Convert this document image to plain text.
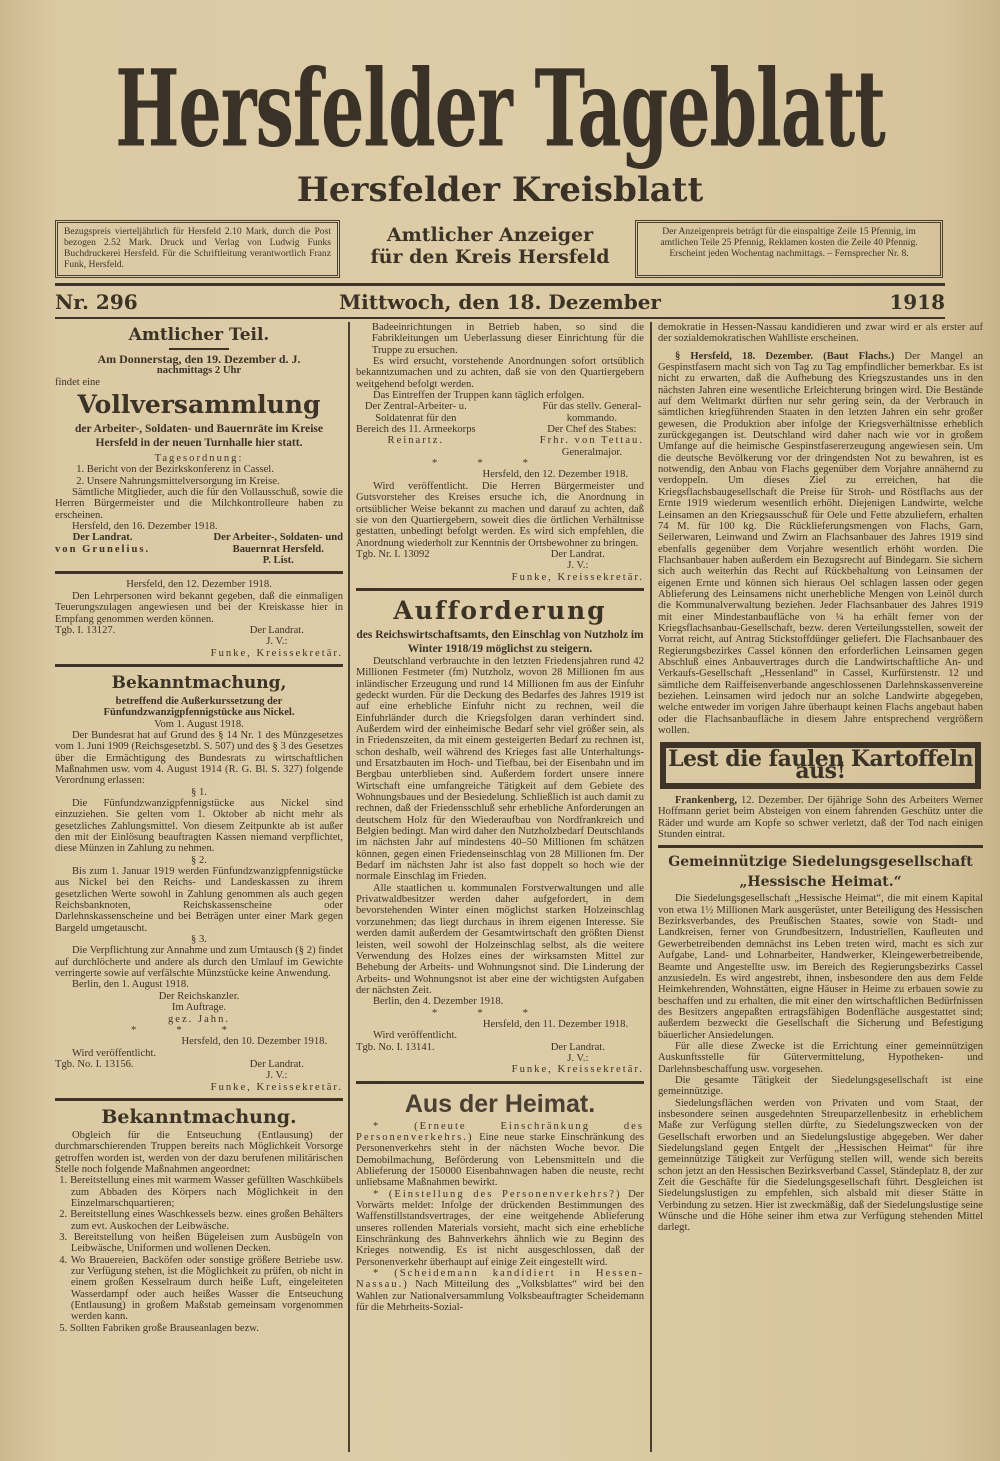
Hersfelder Tageblatt
Hersfelder Kreisblatt
Bezugspreis vierteljährlich für Hersfeld 2.10 Mark, durch die Post bezogen 2.52 Mark. Druck und Verlag von Ludwig Funks Buchdruckerei Hersfeld. Für die Schriftleitung verantwortlich Franz Funk, Hersfeld.
Amtlicher Anzeiger
für den Kreis Hersfeld
Der Anzeigenpreis beträgt für die einspaltige Zeile 15 Pfennig, im amtlichen Teile 25 Pfennig, Reklamen kosten die Zeile 40 Pfennig. Erscheint jeden Wochentag nachmittags. – Fernsprecher Nr. 8.
Nr. 296	Mittwoch, den 18. Dezember	1918
Amtlicher Teil.

Am Donnerstag, den 19. Dezember d. J.

nachmittags 2 Uhr

findet eine

Vollversammlung

der Arbeiter-, Soldaten- und Bauernräte im Kreise Hersfeld in der neuen Turnhalle hier statt.

Tagesordnung:

1. Bericht von der Bezirkskonferenz in Cassel.

2. Unsere Nahrungsmittelversorgung im Kreise.

Sämtliche Mitglieder, auch die für den Vollausschuß, sowie die Herren Bürgermeister und die Milchkontrolleure haben zu erscheinen.

Hersfeld, den 16. Dezember 1918.

Der Landrat.
von Grunelius.
Der Arbeiter-, Soldaten- und
Bauernrat Hersfeld.
P. List.

Hersfeld, den 12. Dezember 1918.

Den Lehrpersonen wird bekannt gegeben, daß die einmaligen Teuerungszulagen angewiesen und bei der Kreiskasse hier in Empfang genommen werden können.

Tgb. I. 13127.	Der Landrat.
J. V.:
Funke, Kreissekretär.
Bekanntmachung,

betreffend die Außerkurssetzung der Fünfundzwanzigpfennigstücke aus Nickel.

Vom 1. August 1918.

Der Bundesrat hat auf Grund des § 14 Nr. 1 des Münzgesetzes vom 1. Juni 1909 (Reichsgesetzbl. S. 507) und des § 3 des Gesetzes über die Ermächtigung des Bundesrats zu wirtschaftlichen Maßnahmen usw. vom 4. August 1914 (R. G. Bl. S. 327) folgende Verordnung erlassen:

§ 1.

Die Fünfundzwanzigpfennigstücke aus Nickel sind einzuziehen. Sie gelten vom 1. Oktober ab nicht mehr als gesetzliches Zahlungsmittel. Von diesem Zeitpunkte ab ist außer den mit der Einlösung beauftragten Kassen niemand verpflichtet, diese Münzen in Zahlung zu nehmen.

§ 2.

Bis zum 1. Januar 1919 werden Fünfundzwanzigpfennigstücke aus Nickel bei den Reichs- und Landeskassen zu ihrem gesetzlichen Werte sowohl in Zahlung genommen als auch gegen Reichsbanknoten, Reichskassenscheine oder Darlehnskassenscheine und bei Beträgen unter einer Mark gegen Bargeld umgetauscht.

§ 3.

Die Verpflichtung zur Annahme und zum Umtausch (§ 2) findet auf durchlöcherte und andere als durch den Umlauf im Gewichte verringerte sowie auf verfälschte Münzstücke keine Anwendung.

Berlin, den 1. August 1918.

Der Reichskanzler.

Im Auftrage.

gez. Jahn.

***

Hersfeld, den 10. Dezember 1918.

Wird veröffentlicht.

Tgb. No. I. 13156.	Der Landrat.
J. V.:
Funke, Kreissekretär.
Bekanntmachung.

Obgleich für die Entseuchung (Entlausung) der durchmarschierenden Truppen bereits nach Möglichkeit Vorsorge getroffen worden ist, werden von der dazu berufenen militärischen Stelle noch folgende Maßnahmen angeordnet:

1. Bereitstellung eines mit warmem Wasser gefüllten Waschkübels zum Abbaden des Körpers nach Möglichkeit in den Einzelmarschquartieren;

2. Bereitstellung eines Waschkessels bezw. eines großen Behälters zum evt. Auskochen der Leibwäsche.

3. Bereitstellung von heißen Bügeleisen zum Ausbügeln von Leibwäsche, Uniformen und wollenen Decken.

4. Wo Brauereien, Backöfen oder sonstige größere Betriebe usw. zur Verfügung stehen, ist die Möglichkeit zu prüfen, ob nicht in einem großen Kesselraum durch heiße Luft, eingeleiteten Wasserdampf oder auch heißes Wasser die Entseuchung (Entlausung) in großem Maßstab gemeinsam vorgenommen werden kann.

5. Sollten Fabriken große Brauseanlagen bezw.

Badeeinrichtungen in Betrieb haben, so sind die Fabrikleitungen um Ueberlassung dieser Einrichtung für die Truppe zu ersuchen.

Es wird ersucht, vorstehende Anordnungen sofort ortsüblich bekanntzumachen und zu achten, daß sie von den Quartiergebern weitgehend befolgt werden.

Das Eintreffen der Truppen kann täglich erfolgen.

Der Zentral-Arbeiter- u.
Soldatenrat für den
Bereich des 11. Armeekorps
Reinartz.
Für das stellv. General-
kommando.
Der Chef des Stabes:
Frhr. von Tettau.
Generalmajor.

***

Hersfeld, den 12. Dezember 1918.

Wird veröffentlicht. Die Herren Bürgermeister und Gutsvorsteher des Kreises ersuche ich, die Anordnung in ortsüblicher Weise bekannt zu machen und darauf zu achten, daß sie von den Quartiergebern, soweit dies die örtlichen Verhältnisse gestatten, unbedingt befolgt werden. Es wird sich empfehlen, die Anordnung wiederholt zur Kenntnis der Ortsbewohner zu bringen.

Tgb. Nr. I. 13092	Der Landrat.
J. V.:
Funke, Kreissekretär.
Aufforderung

des Reichswirtschaftsamts, den Einschlag von Nutzholz im Winter 1918/19 möglichst zu steigern.

Deutschland verbrauchte in den letzten Friedensjahren rund 42 Millionen Festmeter (fm) Nutzholz, wovon 28 Millionen fm aus inländischer Erzeugung und rund 14 Millionen fm aus der Einfuhr gedeckt wurden. Für die Deckung des Bedarfes des Jahres 1919 ist auf eine erhebliche Einfuhr nicht zu rechnen, weil die Einfuhrländer durch die Kriegsfolgen daran verhindert sind. Außerdem wird der einheimische Bedarf sehr viel größer sein, als in Friedenszeiten, da mit einem gesteigerten Bedarf zu rechnen ist, schon deshalb, weil während des Krieges fast alle Unterhaltungs- und Ersatzbauten im Hoch- und Tiefbau, bei der Eisenbahn und im Bergbau unterblieben sind. Außerdem fordert unsere innere Wirtschaft eine umfangreiche Tätigkeit auf dem Gebiete des Wohnungsbaues und der Besiedelung. Schließlich ist auch damit zu rechnen, daß der Friedensschluß sehr erhebliche Anforderungen an deutschem Holz für den Wiederaufbau von Nordfrankreich und Belgien bedingt. Man wird daher den Nutzholzbedarf Deutschlands im nächsten Jahr auf mindestens 40–50 Millionen fm schätzen können, gegen einen Friedenseinschlag von 28 Millionen fm. Der Bedarf im nächsten Jahr ist also fast doppelt so hoch wie der normale Einschlag im Frieden.

Alle staatlichen u. kommunalen Forstverwaltungen und alle Privatwaldbesitzer werden daher aufgefordert, in dem bevorstehenden Winter einen möglichst starken Holzeinschlag vorzunehmen; das liegt durchaus in ihrem eigenen Interesse. Sie werden damit außerdem der Gesamtwirtschaft den größten Dienst leisten, weil sowohl der Holzeinschlag selbst, als die weitere Verwendung des Holzes eines der wirksamsten Mittel zur Behebung der Arbeits- und Wohnungsnot sind. Die Linderung der Arbeits- und Wohnungsnot ist aber eine der wichtigsten Aufgaben der nächsten Zeit.

Berlin, den 4. Dezember 1918.

***

Hersfeld, den 11. Dezember 1918.

Wird veröffentlicht.

Tgb. No. I. 13141.	Der Landrat.
J. V.:
Funke, Kreissekretär.
Aus der Heimat.

* (Erneute Einschränkung des Personenverkehrs.) Eine neue starke Einschränkung des Personenverkehrs steht in der nächsten Woche bevor. Die Demobilmachung, Beförderung von Lebensmitteln und die Ablieferung der 150000 Eisenbahnwagen haben die neuste, recht unliebsame Maßnahmen bewirkt.

* (Einstellung des Personenverkehrs?) Der Vorwärts meldet: Infolge der drückenden Bestimmungen des Waffenstillstandsvertrages, der eine weitgehende Ablieferung unseres rollenden Materials vorsieht, macht sich eine erhebliche Einschränkung des Bahnverkehrs ähnlich wie zu Beginn des Krieges notwendig. Es ist nicht ausgeschlossen, daß der Personenverkehr überhaupt auf einige Zeit eingestellt wird.

* (Scheidemann kandidiert in Hessen-Nassau.) Nach Mitteilung des „Volksblattes“ wird bei den Wahlen zur Nationalversammlung Volksbeauftragter Scheidemann für die Mehrheits-Sozial-

demokratie in Hessen-Nassau kandidieren und zwar wird er als erster auf der sozialdemokratischen Wahlliste erscheinen.

§ Hersfeld, 18. Dezember. (Baut Flachs.) Der Mangel an Gespinstfasern macht sich von Tag zu Tag empfindlicher bemerkbar. Es ist nicht zu erwarten, daß die Aufhebung des Kriegszustandes uns in den nächsten Jahren eine wesentliche Erleichterung bringen wird. Die Bestände auf dem Weltmarkt dürften nur sehr gering sein, da der Verbrauch in sämtlichen kriegführenden Staaten in den letzten Jahren ein sehr großer gewesen, die Produktion aber infolge der Kriegsverhältnisse erheblich zurückgegangen ist. Deutschland wird daher nach wie vor in großem Umfange auf die heimische Gespinstfasererzeugung angewiesen sein. Um die deutsche Bevölkerung vor der dringendsten Not zu bewahren, ist es notwendig, den Anbau von Flachs gegenüber dem Vorjahre annähernd zu verdoppeln. Um dieses Ziel zu erreichen, hat die Kriegsflachsbaugesellschaft die Preise für Stroh- und Röstflachs aus der Ernte 1919 wiederum wesentlich erhöht. Diejenigen Landwirte, welche Leinsamen an den Kriegsausschuß für Oele und Fette abzuliefern, erhalten 74 M. für 100 kg. Die Rücklieferungsmengen von Flachs, Garn, Seilerwaren, Leinwand und Zwirn an Flachsanbauer des Jahres 1919 sind ebenfalls gegenüber dem Vorjahre wesentlich erhöht worden. Die Flachsanbauer haben außerdem ein Bezugsrecht auf Bindegarn. Sie sichern sich auch weiterhin das Recht auf Rückbehaltung von Leinsamen der eigenen Ernte und können sich hieraus Oel schlagen lassen oder gegen Ablieferung des Leinsamens nicht unerhebliche Mengen von Leinöl durch die Kommunalverwaltung beziehen. Jeder Flachsanbauer des Jahres 1919 mit einer Mindestanbaufläche von ¼ ha erhält ferner von der Kriegsflachsanbau-Gesellschaft, bezw. deren Verteilungsstellen, soweit der Vorrat reicht, auf Antrag Stickstoffdünger geliefert. Die Flachsanbauer des Regierungsbezirkes Cassel können den erforderlichen Leinsamen gegen Abschluß eines Anbauvertrages durch die Landwirtschaftliche An- und Verkaufs-Gesellschaft „Hessenland“ in Cassel, Kurfürstenstr. 12 und sämtliche dem Raiffeisenverbande angeschlossenen Darlehnskassenvereine beziehen. Leinsamen wird jedoch nur an solche Landwirte abgegeben, welche entweder im vorigen Jahre überhaupt keinen Flachs angebaut haben oder die Flachsanbaufläche in diesem Jahre entsprechend vergrößern wollen.

Lest die faulen Kartoffeln aus!

Frankenberg, 12. Dezember. Der 6jährige Sohn des Arbeiters Werner Hoffmann geriet beim Absteigen von einem fahrenden Geschütz unter die Räder und wurde am Kopfe so schwer verletzt, daß der Tod nach einigen Stunden eintrat.

Gemeinnützige Siedelungsgesellschaft
„Hessische Heimat.“

Die Siedelungsgesellschaft „Hessische Heimat“, die mit einem Kapital von etwa 1½ Millionen Mark ausgerüstet, unter Beteiligung des Hessischen Bezirksverbandes, des Preußischen Staates, sowie von Stadt- und Landkreisen, ferner von Grundbesitzern, Industriellen, Kaufleuten und Gewerbetreibenden demnächst ins Leben treten wird, macht es sich zur Aufgabe, Land- und Lohnarbeiter, Handwerker, Kleingewerbetreibende, Beamte und Angestellte usw. im Bereich des Regierungsbezirks Cassel anzusiedeln. Es wird angestrebt, ihnen, insbesondere den aus dem Felde Heimkehrenden, Wohnstätten, eigne Häuser in Heime zu erbauen sowie zu beschaffen und zu erhalten, die mit einer den wirtschaftlichen Bedürfnissen des Besitzers angepaßten ertragsfähigen Bodenfläche ausgestattet sind; außerdem bezweckt die Gesellschaft die Sicherung und Befestigung bäuerlicher Ansiedelungen.

Für alle diese Zwecke ist die Errichtung einer gemeinnützigen Auskunftsstelle für Gütervermittelung, Hypotheken- und Darlehnsbeschaffung usw. vorgesehen.

Die gesamte Tätigkeit der Siedelungsgesellschaft ist eine gemeinnützige.

Siedelungsflächen werden von Privaten und vom Staat, der insbesondere seinen ausgedehnten Streuparzellenbesitz in erheblichem Maße zur Verfügung stellen dürfte, zu Siedelungszwecken von der Gesellschaft erworben und an Siedelungslustige abgegeben. Wer daher Siedelungsland gegen Entgelt der „Hessischen Heimat“ für ihre gemeinnützige Tätigkeit zur Verfügung stellen will, wende sich bereits schon jetzt an den Hessischen Bezirksverband Cassel, Ständeplatz 8, der zur Zeit die Geschäfte für die Siedelungsgesellschaft führt. Desgleichen ist Siedelungslustigen zu empfehlen, sich alsbald mit dieser Stätte in Verbindung zu setzen. Hier ist zweckmäßig, daß der Siedelungslustige seine Wünsche und die Höhe seiner ihm etwa zur Verfügung stehenden Mittel darlegt.
